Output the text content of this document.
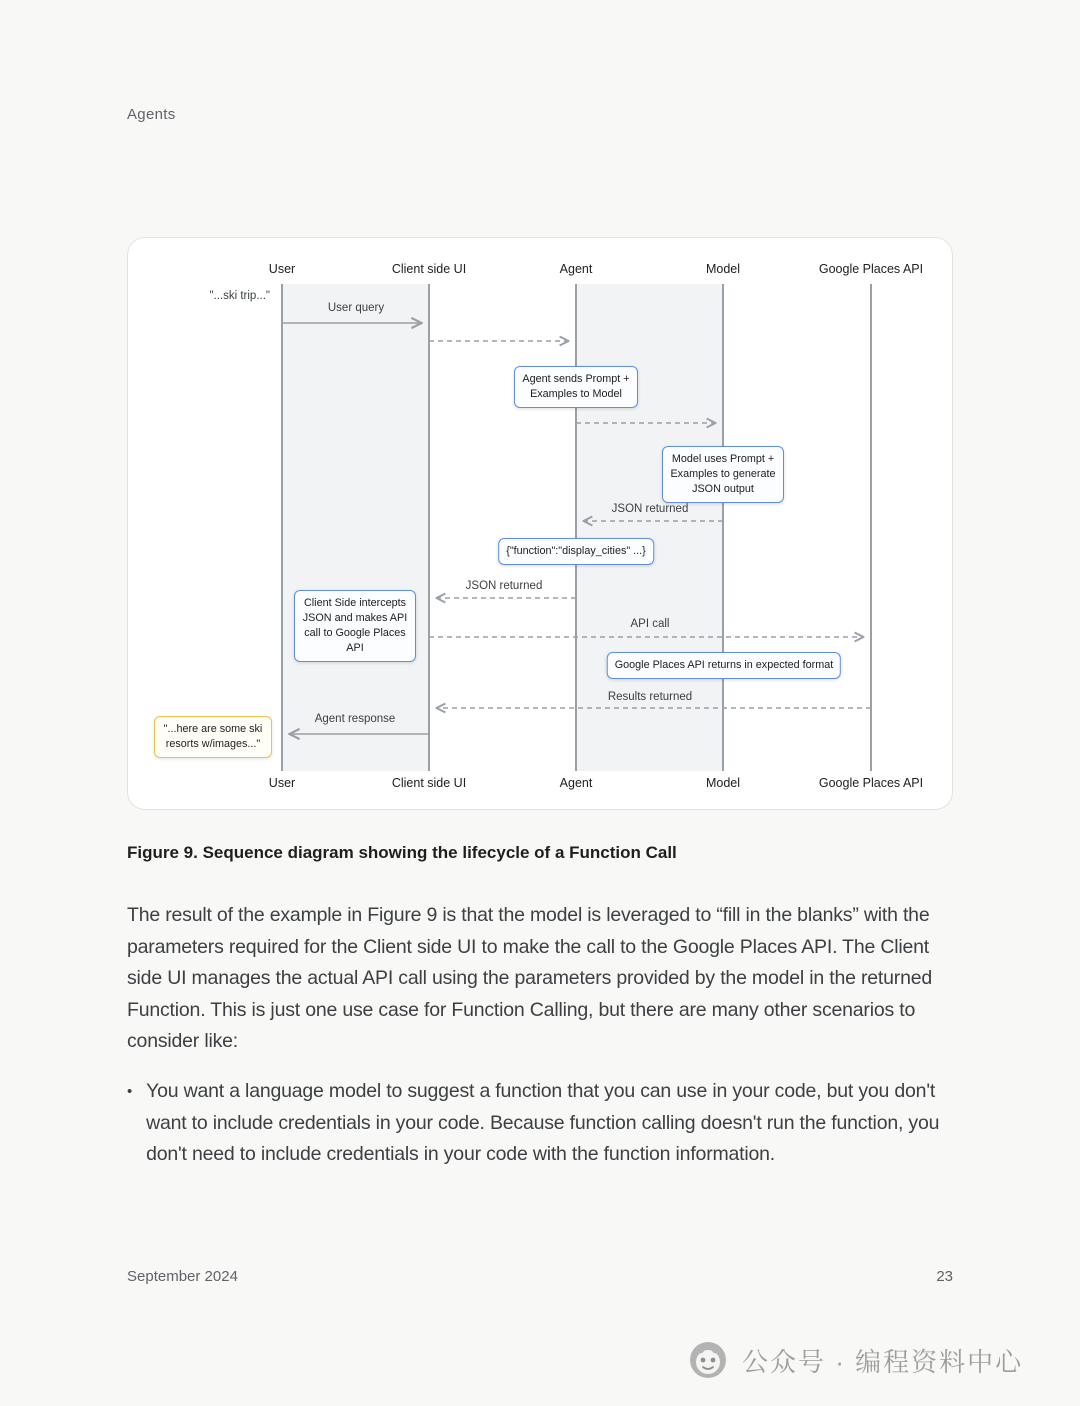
Agents
User	Client side UI	Agent	Model	Google Places API
User	Client side UI	Agent	Model	Google Places API
"...ski trip..."
User query
JSON returned
JSON returned
API call
Results returned
Agent response
Agent sends Prompt + Examples to Model
Model uses Prompt + Examples to generate JSON output
{"function":"display_cities" ...}
Client Side intercepts JSON and makes API call to Google Places API
Google Places API returns in expected format
"...here are some ski resorts w/images..."
Figure 9. Sequence diagram showing the lifecycle of a Function Call

The result of the example in Figure 9 is that the model is leveraged to “fill in the blanks” with the parameters required for the Client side UI to make the call to the Google Places API. The Client side UI manages the actual API call using the parameters provided by the model in the returned Function. This is just one use case for Function Calling, but there are many other scenarios to consider like:

• You want a language model to suggest a function that you can use in your code, but you don't want to include credentials in your code. Because function calling doesn't run the function, you don't need to include credentials in your code with the function information.
September 2024	23
公众号 · 编程资料中心
